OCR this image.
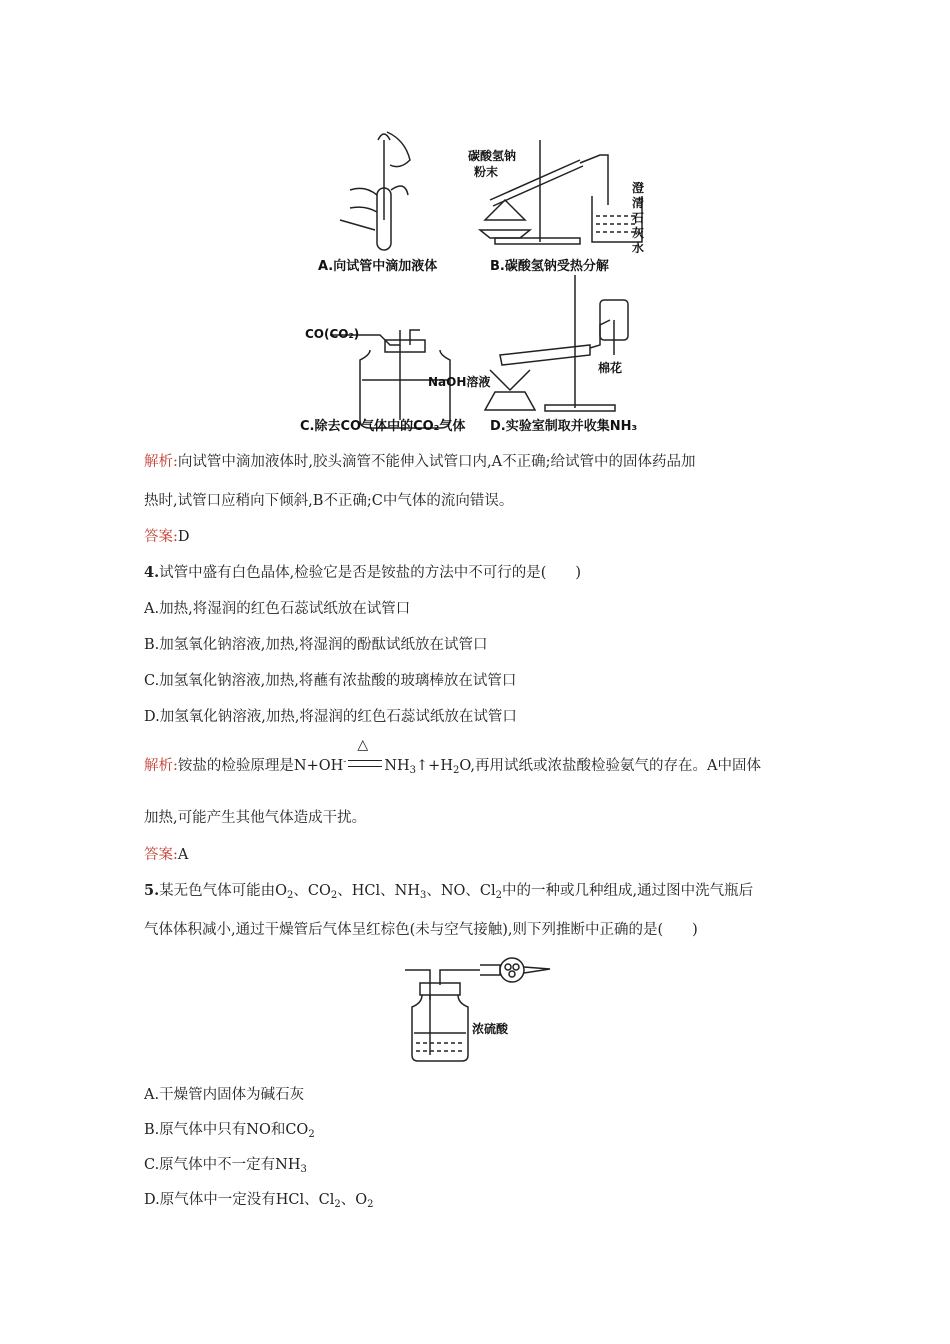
A.向试管中滴加液体	B.碳酸氢钠受热分解
碳酸氢钠
粉末
澄
清
石
灰
水
CO(CO₂)
NaOH溶液
C.除去CO气体中的CO₂气体
棉花
D.实验室制取并收集NH₃
解析:向试管中滴加液体时,胶头滴管不能伸入试管口内,A不正确;给试管中的固体药品加
热时,试管口应稍向下倾斜,B不正确;C中气体的流向错误。
答案:D
4.试管中盛有白色晶体,检验它是否是铵盐的方法中不可行的是(　　)
A.加热,将湿润的红色石蕊试纸放在试管口
B.加氢氧化钠溶液,加热,将湿润的酚酞试纸放在试管口
C.加氢氧化钠溶液,加热,将蘸有浓盐酸的玻璃棒放在试管口
D.加氢氧化钠溶液,加热,将湿润的红色石蕊试纸放在试管口
解析:铵盐的检验原理是N+OH-
△
$NH_3↑+H_2O$,再用试纸或浓盐酸检验氨气的存在。A中固体
加热,可能产生其他气体造成干扰。
答案:A
5.某无色气体可能由$O_2$、$CO_2$、HCl、$NH_3$、NO、$Cl_2$中的一种或几种组成,通过图中洗气瓶后
气体体积减小,通过干燥管后气体呈红棕色(未与空气接触),则下列推断中正确的是(　　)
浓硫酸
A.干燥管内固体为碱石灰
B.原气体中只有NO和$CO_2$
C.原气体中不一定有$NH_3$
D.原气体中一定没有HCl、$Cl_2$、$O_2$
